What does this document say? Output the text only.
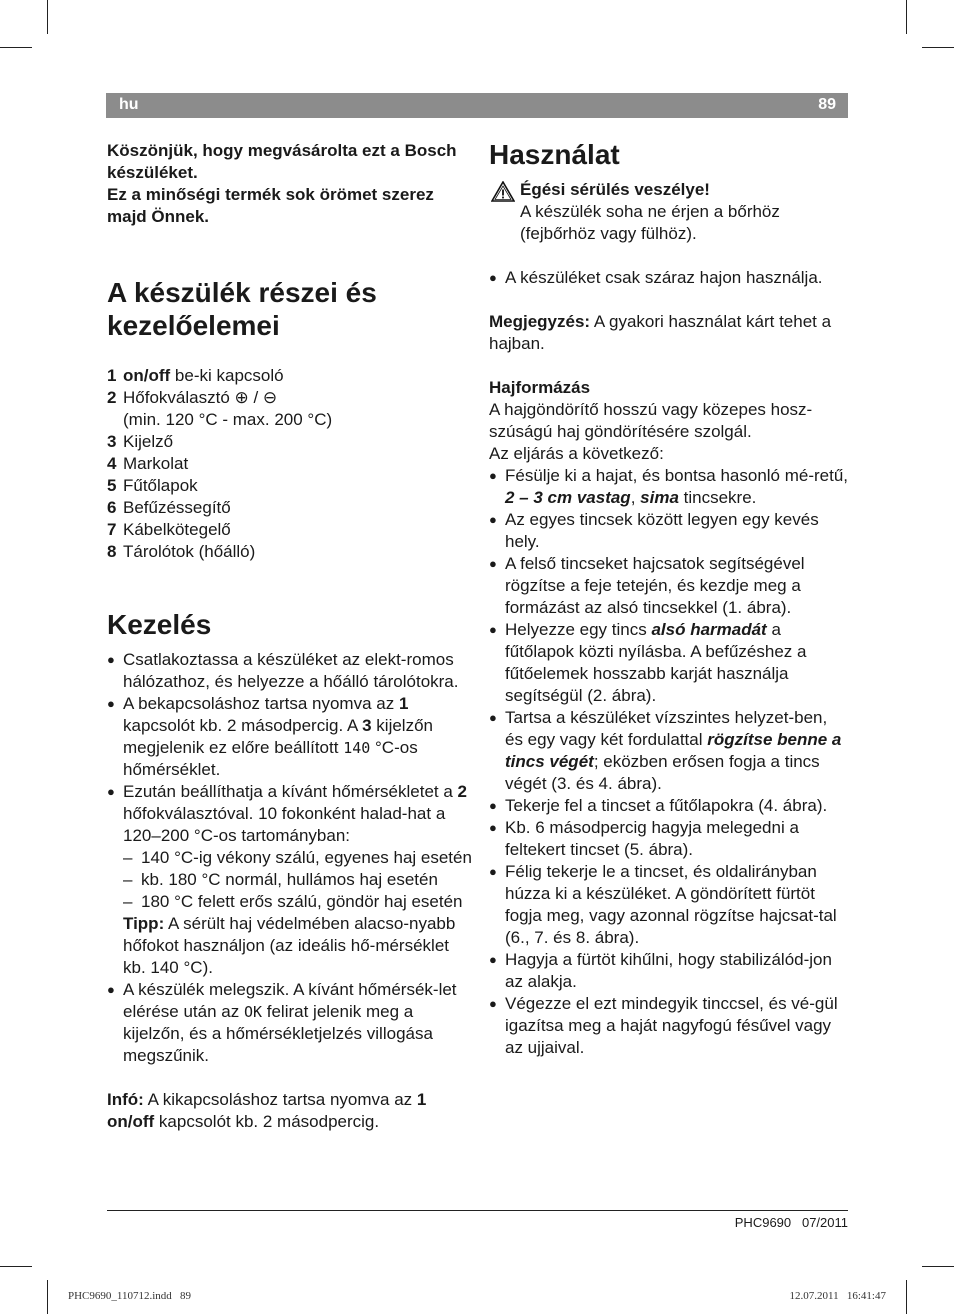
hu	89

Köszönjük, hogy megvásárolta ezt a Bosch készüléket.

Ez a minőségi termék sok örömet szerez majd Önnek.

A készülék részei és kezelőelemei
1 on/off be-ki kapcsoló
2 Hőfokválasztó ⊕ / ⊖
(min. 120 °C - max. 200 °C)
3 Kijelző
4 Markolat
5 Fűtőlapok
6 Befűzéssegítő
7 Kábelkötegelő
8 Tárolótok (hőálló)
Kezelés
● Csatlakoztassa a készüléket az elekt-romos hálózathoz, és helyezze a hőálló tárolótokra.
● A bekapcsoláshoz tartsa nyomva az 1 kapcsolót kb. 2 másodpercig. A 3 kijelzőn megjelenik ez előre beállított 140 °C-os hőmérséklet.
● Ezután beállíthatja a kívánt hőmérsékletet a 2 hőfokválasztóval. 10 fokonként halad-hat a 120–200 °C-os tartományban:
– 140 °C-ig vékony szálú, egyenes haj esetén
– kb. 180 °C normál, hullámos haj esetén
– 180 °C felett erős szálú, göndör haj esetén
Tipp: A sérült haj védelmében alacso-nyabb hőfokot használjon (az ideális hő-mérséklet kb. 140 °C).
● A készülék melegszik. A kívánt hőmérsék-let elérése után az OK felirat jelenik meg a kijelzőn, és a hőmérsékletjelzés villogása megszűnik.
Infó: A kikapcsoláshoz tartsa nyomva az 1
on/off kapcsolót kb. 2 másodpercig.
Használat
Égési sérülés veszélye!
A készülék soha ne érjen a bőrhöz (fejbőrhöz vagy fülhöz).
● A készüléket csak száraz hajon használja.
Megjegyzés: A gyakori használat kárt tehet a hajban.
Hajformázás
A hajgöndörítő hosszú vagy közepes hosz-szúságú haj göndörítésére szolgál.
Az eljárás a következő:
● Fésülje ki a hajat, és bontsa hasonló mé-retű, 2 – 3 cm vastag, sima tincsekre.
● Az egyes tincsek között legyen egy kevés hely.
● A felső tincseket hajcsatok segítségével rögzítse a feje tetején, és kezdje meg a formázást az alsó tincsekkel (1. ábra).
● Helyezze egy tincs alsó harmadát a fűtőlapok közti nyílásba. A befűzéshez a fűtőelemek hosszabb karját használja segítségül (2. ábra).
● Tartsa a készüléket vízszintes helyzet-ben, és egy vagy két fordulattal rögzítse benne a tincs végét; eközben erősen fogja a tincs végét (3. és 4. ábra).
● Tekerje fel a tincset a fűtőlapokra (4. ábra).
● Kb. 6 másodpercig hagyja melegedni a feltekert tincset (5. ábra).
● Félig tekerje le a tincset, és oldalirányban húzza ki a készüléket. A göndörített fürtöt fogja meg, vagy azonnal rögzítse hajcsat-tal (6., 7. és 8. ábra).
● Hagyja a fürtöt kihűlni, hogy stabilizálód-jon az alakja.
● Végezze el ezt mindegyik tinccsel, és vé-gül igazítsa meg a haját nagyfogú fésűvel vagy az ujjaival.
PHC9690   07/2011
PHC9690_110712.indd   89	12.07.2011   16:41:47
